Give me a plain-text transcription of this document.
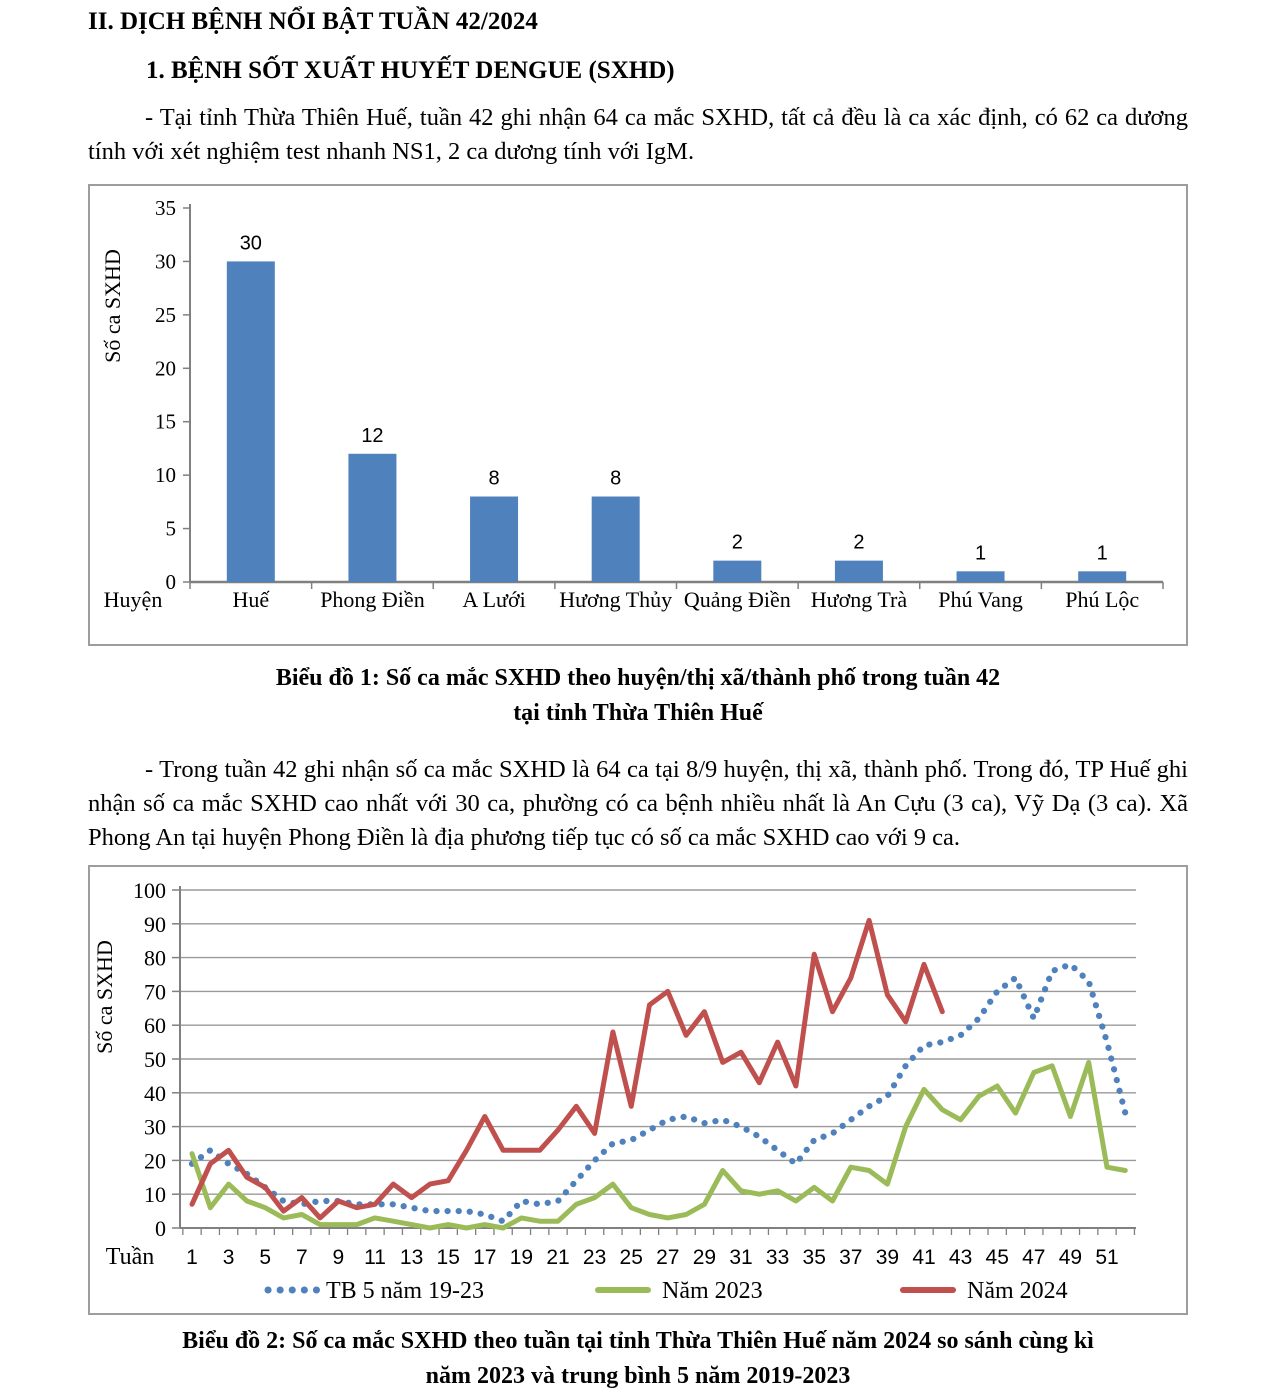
II. DỊCH BỆNH NỔI BẬT TUẦN 42/2024
1. BỆNH SỐT XUẤT HUYẾT DENGUE (SXHD)
- Tại tỉnh Thừa Thiên Huế, tuần 42 ghi nhận 64 ca mắc SXHD, tất cả đều là ca xác định, có 62 ca dương tính với xét nghiệm test nhanh NS1, 2 ca dương tính với IgM.
0
5
10
15
20
25
30
35
30
Huế
12
Phong Điền
8
A Lưới
8
Hương Thủy
2
Quảng Điền
2
Hương Trà
1
Phú Vang
1
Phú Lộc
Huyện
Số ca SXHD
Biểu đồ 1: Số ca mắc SXHD theo huyện/thị xã/thành phố trong tuần 42
tại tỉnh Thừa Thiên Huế
- Trong tuần 42 ghi nhận số ca mắc SXHD là 64 ca tại 8/9 huyện, thị xã, thành phố. Trong đó, TP Huế ghi nhận số ca mắc SXHD cao nhất với 30 ca, phường có ca bệnh nhiều nhất là An Cựu (3 ca), Vỹ Dạ (3 ca). Xã Phong An tại huyện Phong Điền là địa phương tiếp tục có số ca mắc SXHD cao với 9 ca.
0
10
20
30
40
50
60
70
80
90
100
1 3 5 7 9 11 13 15 17 19 21 23 25 27 29 31 33 35 37 39 41 43 45 47 49 51
Tuần
Số ca SXHD
TB 5 năm 19-23	Năm 2023	Năm 2024
Biểu đồ 2: Số ca mắc SXHD theo tuần tại tỉnh Thừa Thiên Huế năm 2024 so sánh cùng kì
năm 2023 và trung bình 5 năm 2019-2023
